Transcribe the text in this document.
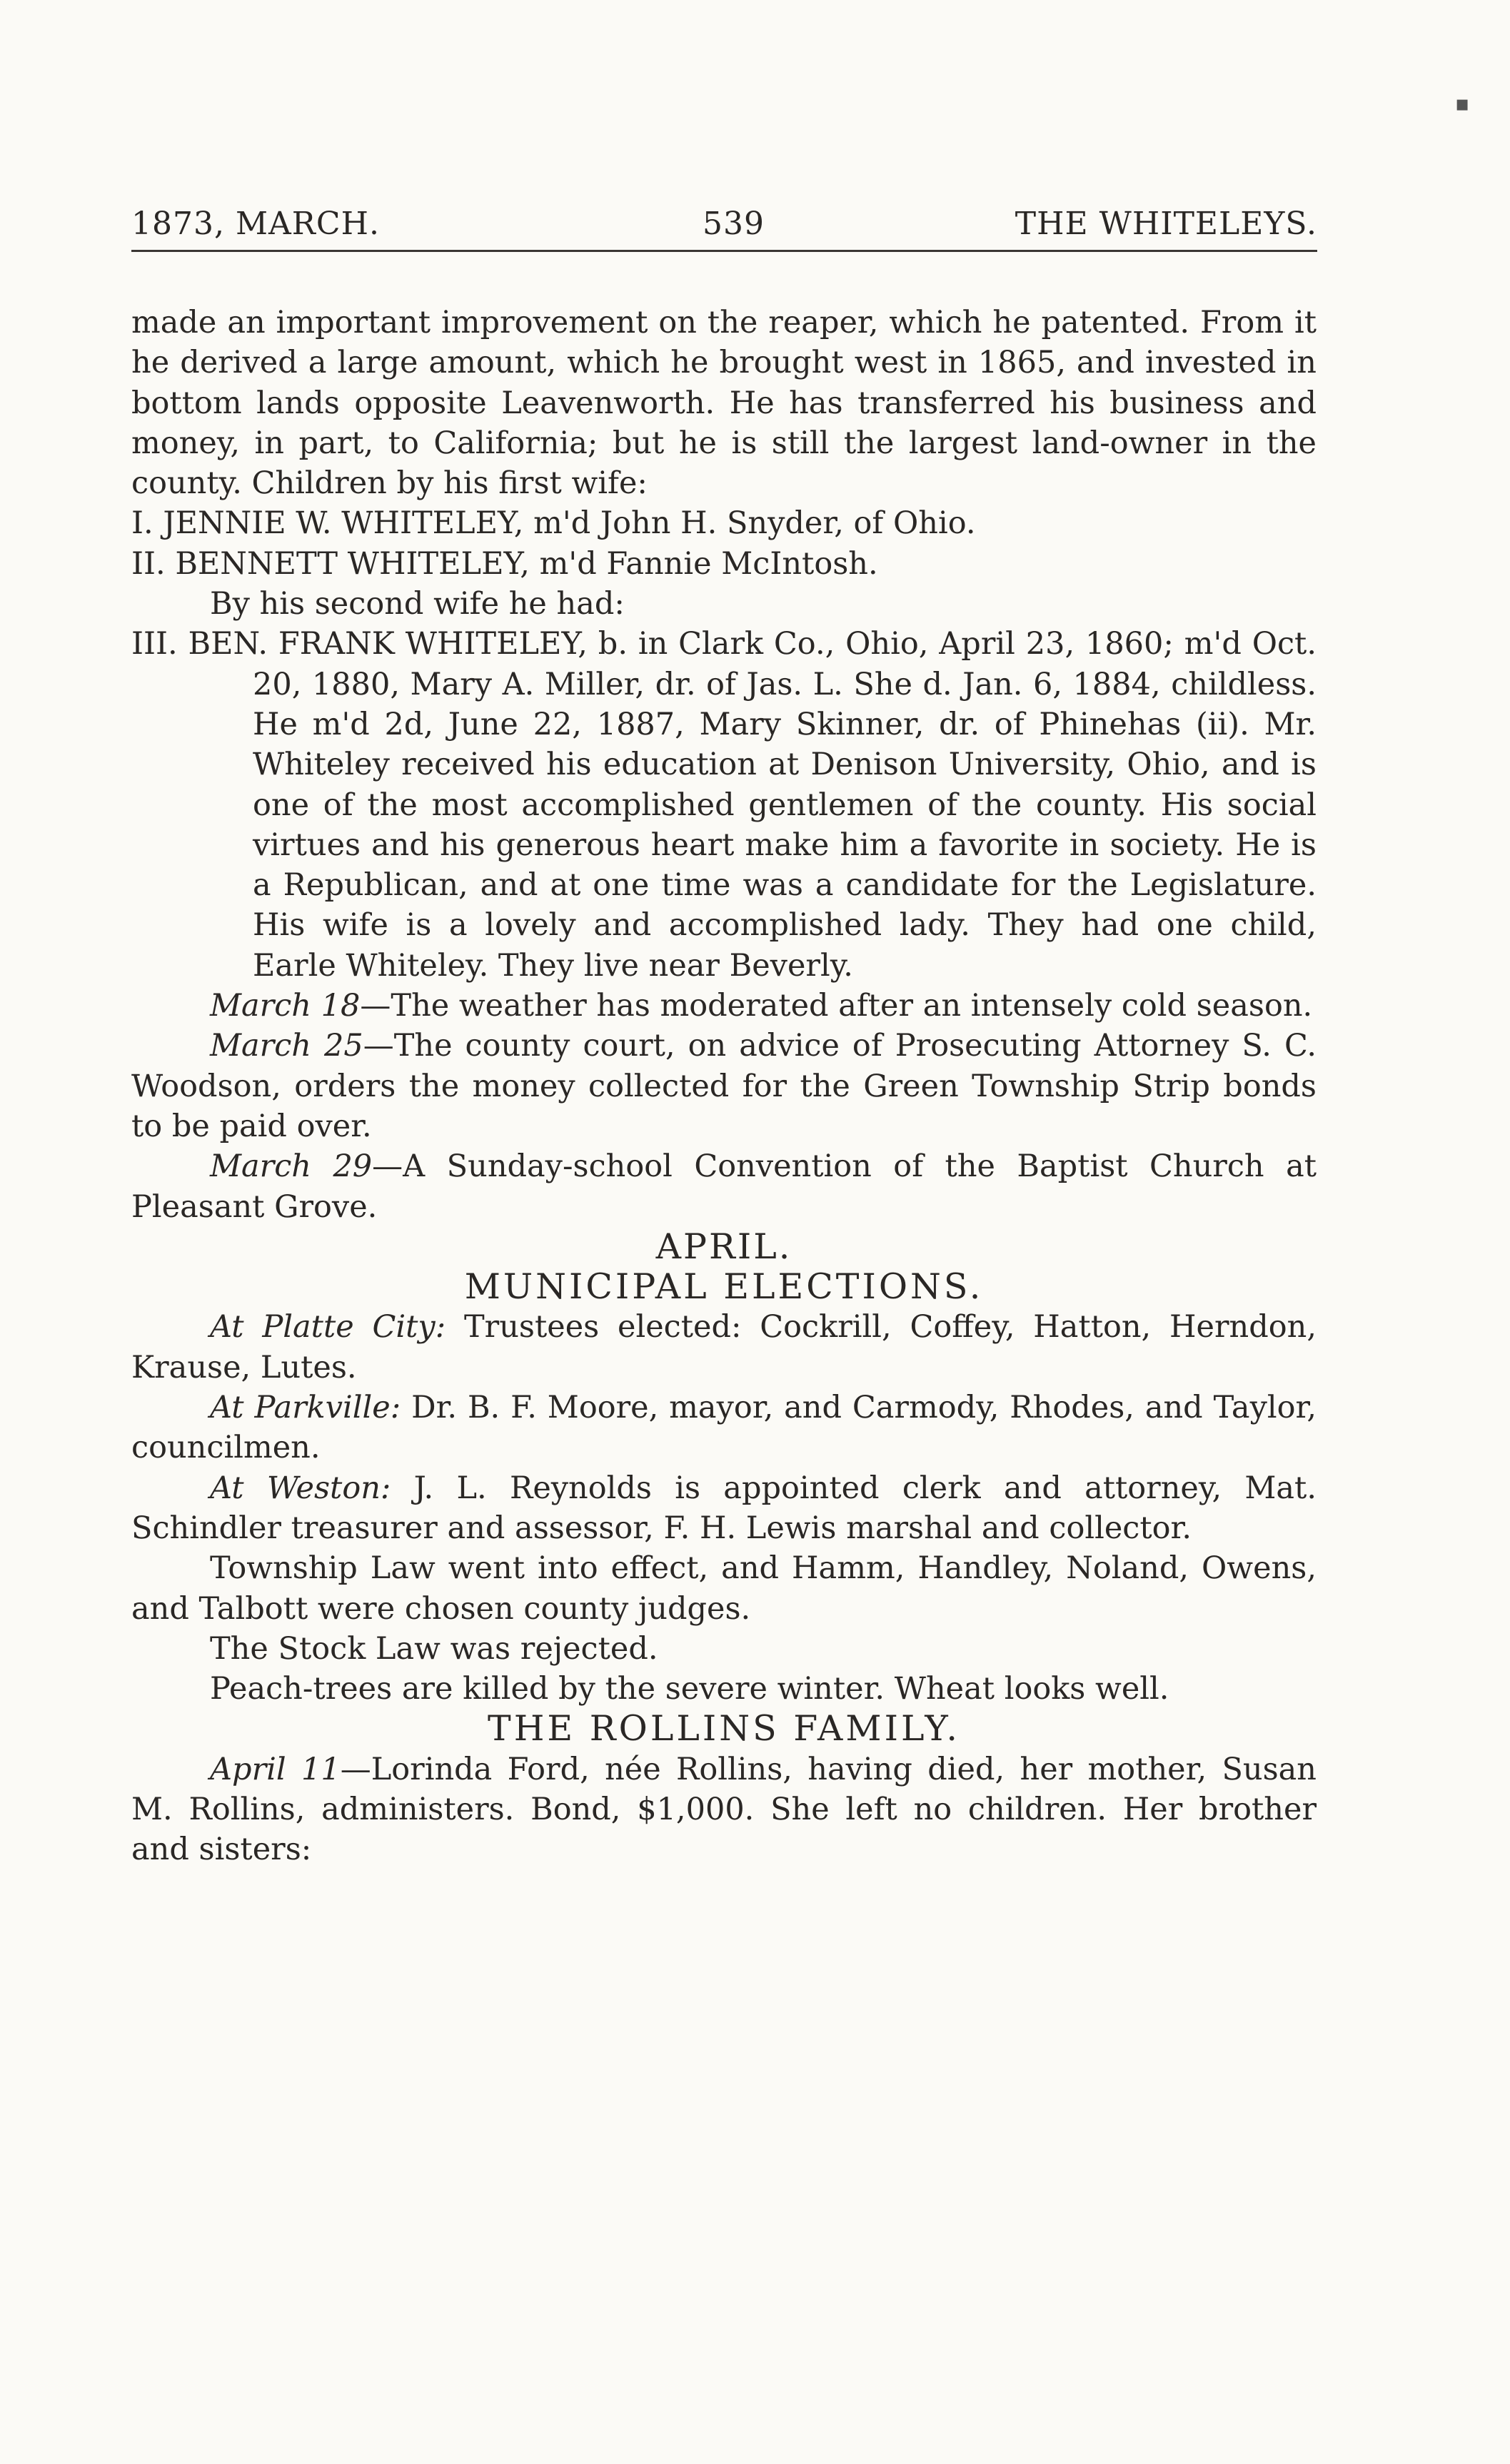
1873, MARCH.	539	THE WHITELEYS.

made an important improvement on the reaper, which he patented. From it he derived a large amount, which he brought west in 1865, and invested in bottom lands opposite Leavenworth. He has transferred his business and money, in part, to California; but he is still the largest land-owner in the county. Children by his first wife:

I. JENNIE W. WHITELEY, m'd John H. Snyder, of Ohio.

II. BENNETT WHITELEY, m'd Fannie McIntosh.

By his second wife he had:

III. BEN. FRANK WHITELEY, b. in Clark Co., Ohio, April 23, 1860; m'd Oct. 20, 1880, Mary A. Miller, dr. of Jas. L. She d. Jan. 6, 1884, childless. He m'd 2d, June 22, 1887, Mary Skinner, dr. of Phinehas (ii). Mr. Whiteley received his education at Denison University, Ohio, and is one of the most accomplished gentlemen of the county. His social virtues and his generous heart make him a favorite in society. He is a Republican, and at one time was a candidate for the Legislature. His wife is a lovely and accomplished lady. They had one child, Earle Whiteley. They live near Beverly.

March 18—The weather has moderated after an intensely cold season.

March 25—The county court, on advice of Prosecuting Attorney S. C. Woodson, orders the money collected for the Green Township Strip bonds to be paid over.

March 29—A Sunday-school Convention of the Baptist Church at Pleasant Grove.

APRIL.

MUNICIPAL ELECTIONS.

At Platte City: Trustees elected: Cockrill, Coffey, Hatton, Herndon, Krause, Lutes.

At Parkville: Dr. B. F. Moore, mayor, and Carmody, Rhodes, and Taylor, councilmen.

At Weston: J. L. Reynolds is appointed clerk and attorney, Mat. Schindler treasurer and assessor, F. H. Lewis marshal and collector.

Township Law went into effect, and Hamm, Handley, Noland, Owens, and Talbott were chosen county judges.

The Stock Law was rejected.

Peach-trees are killed by the severe winter. Wheat looks well.

THE ROLLINS FAMILY.

April 11—Lorinda Ford, née Rollins, having died, her mother, Susan M. Rollins, administers. Bond, $1,000. She left no children. Her brother and sisters:

▪
